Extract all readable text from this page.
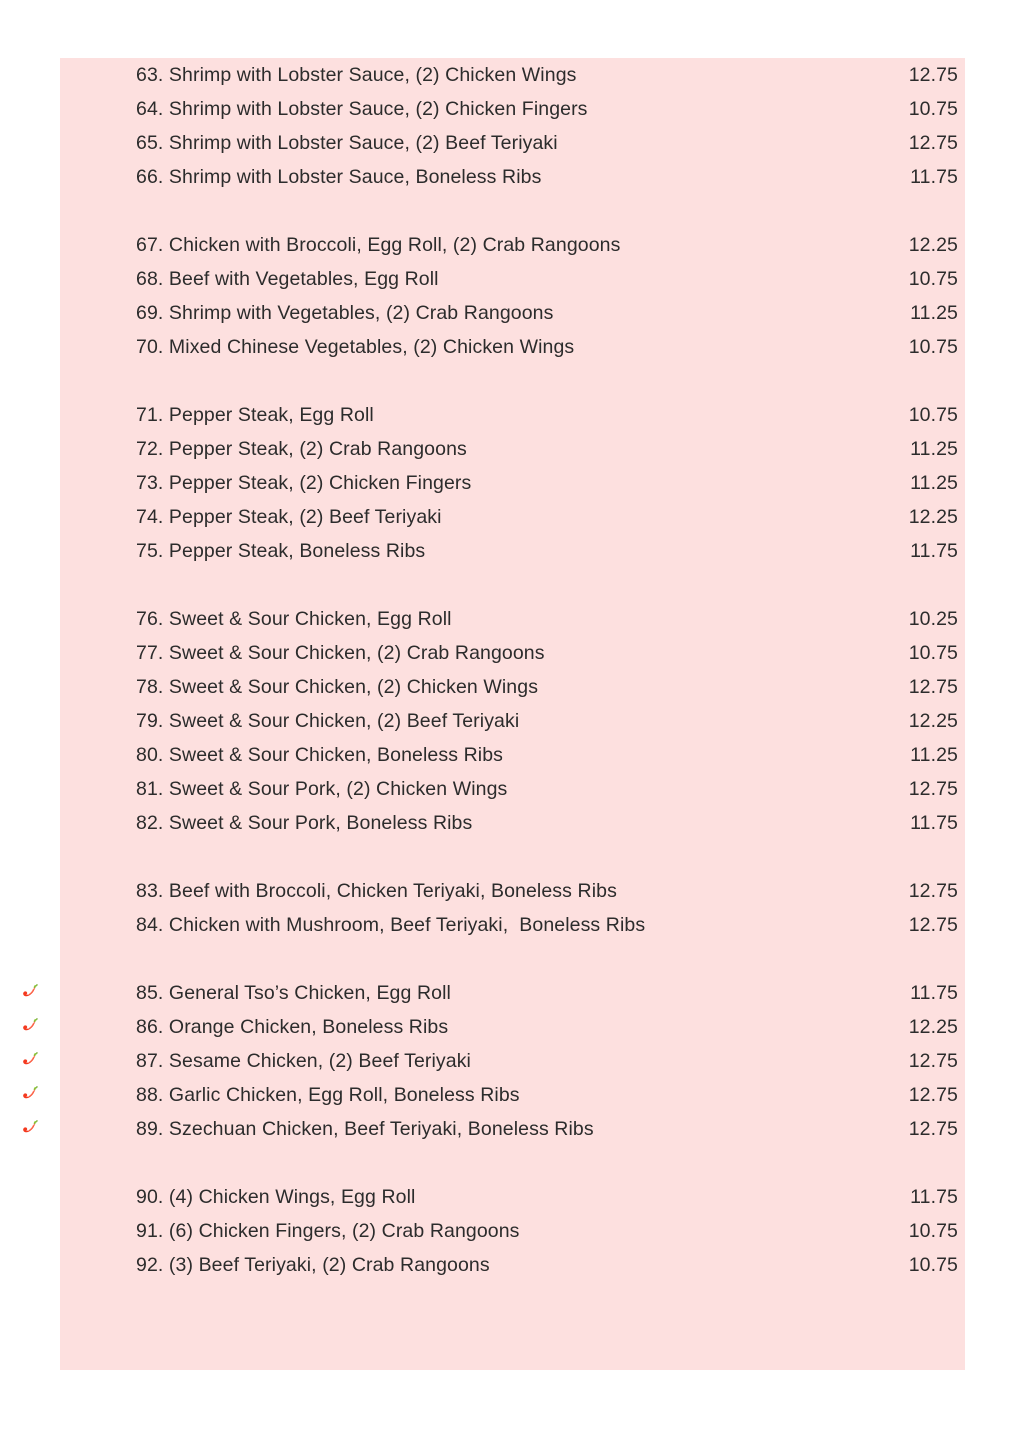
63. Shrimp with Lobster Sauce, (2) Chicken Wings	12.75
64. Shrimp with Lobster Sauce, (2) Chicken Fingers	10.75
65. Shrimp with Lobster Sauce, (2) Beef Teriyaki	12.75
66. Shrimp with Lobster Sauce, Boneless Ribs	11.75
67. Chicken with Broccoli, Egg Roll, (2) Crab Rangoons	12.25
68. Beef with Vegetables, Egg Roll	10.75
69. Shrimp with Vegetables, (2) Crab Rangoons	11.25
70. Mixed Chinese Vegetables, (2) Chicken Wings	10.75
71. Pepper Steak, Egg Roll	10.75
72. Pepper Steak, (2) Crab Rangoons	11.25
73. Pepper Steak, (2) Chicken Fingers	11.25
74. Pepper Steak, (2) Beef Teriyaki	12.25
75. Pepper Steak, Boneless Ribs	11.75
76. Sweet & Sour Chicken, Egg Roll	10.25
77. Sweet & Sour Chicken, (2) Crab Rangoons	10.75
78. Sweet & Sour Chicken, (2) Chicken Wings	12.75
79. Sweet & Sour Chicken, (2) Beef Teriyaki	12.25
80. Sweet & Sour Chicken, Boneless Ribs	11.25
81. Sweet & Sour Pork, (2) Chicken Wings	12.75
82. Sweet & Sour Pork, Boneless Ribs	11.75
83. Beef with Broccoli, Chicken Teriyaki, Boneless Ribs	12.75
84. Chicken with Mushroom, Beef Teriyaki,  Boneless Ribs	12.75
85. General Tso’s Chicken, Egg Roll	11.75
86. Orange Chicken, Boneless Ribs	12.25
87. Sesame Chicken, (2) Beef Teriyaki	12.75
88. Garlic Chicken, Egg Roll, Boneless Ribs	12.75
89. Szechuan Chicken, Beef Teriyaki, Boneless Ribs	12.75
90. (4) Chicken Wings, Egg Roll	11.75
91. (6) Chicken Fingers, (2) Crab Rangoons	10.75
92. (3) Beef Teriyaki, (2) Crab Rangoons	10.75
